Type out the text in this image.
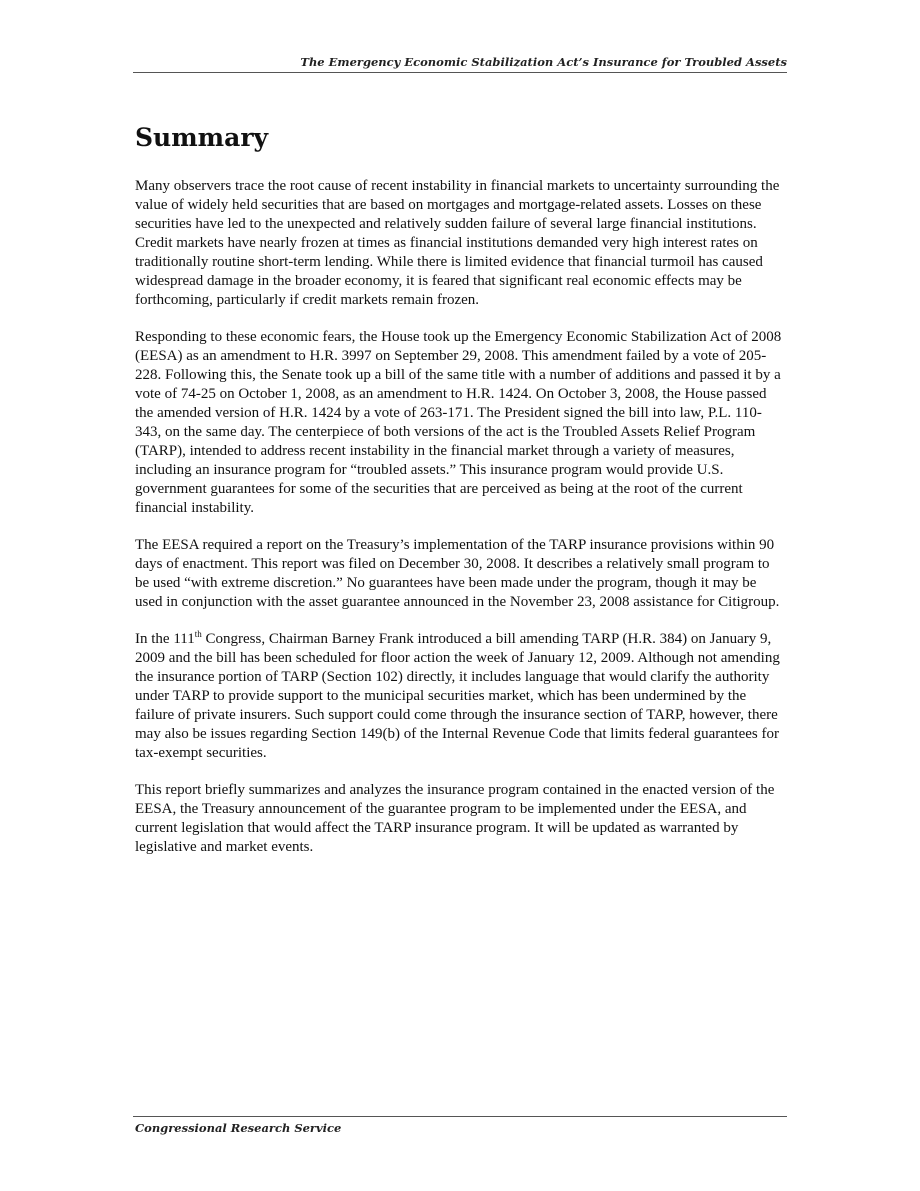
The Emergency Economic Stabilization Act’s Insurance for Troubled Assets
Summary

Many observers trace the root cause of recent instability in financial markets to uncertainty surrounding the value of widely held securities that are based on mortgages and mortgage-related assets. Losses on these securities have led to the unexpected and relatively sudden failure of several large financial institutions. Credit markets have nearly frozen at times as financial institutions demanded very high interest rates on traditionally routine short-term lending. While there is limited evidence that financial turmoil has caused widespread damage in the broader economy, it is feared that significant real economic effects may be forthcoming, particularly if credit markets remain frozen.

Responding to these economic fears, the House took up the Emergency Economic Stabilization Act of 2008 (EESA) as an amendment to H.R. 3997 on September 29, 2008. This amendment failed by a vote of 205-228. Following this, the Senate took up a bill of the same title with a number of additions and passed it by a vote of 74-25 on October 1, 2008, as an amendment to H.R. 1424. On October 3, 2008, the House passed the amended version of H.R. 1424 by a vote of 263-171. The President signed the bill into law, P.L. 110-343, on the same day. The centerpiece of both versions of the act is the Troubled Assets Relief Program (TARP), intended to address recent instability in the financial market through a variety of measures, including an insurance program for “troubled assets.” This insurance program would provide U.S. government guarantees for some of the securities that are perceived as being at the root of the current financial instability.

The EESA required a report on the Treasury’s implementation of the TARP insurance provisions within 90 days of enactment. This report was filed on December 30, 2008. It describes a relatively small program to be used “with extreme discretion.” No guarantees have been made under the program, though it may be used in conjunction with the asset guarantee announced in the November 23, 2008 assistance for Citigroup.

In the 111th Congress, Chairman Barney Frank introduced a bill amending TARP (H.R. 384) on January 9, 2009 and the bill has been scheduled for floor action the week of January 12, 2009. Although not amending the insurance portion of TARP (Section 102) directly, it includes language that would clarify the authority under TARP to provide support to the municipal securities market, which has been undermined by the failure of private insurers. Such support could come through the insurance section of TARP, however, there may also be issues regarding Section 149(b) of the Internal Revenue Code that limits federal guarantees for tax-exempt securities.

This report briefly summarizes and analyzes the insurance program contained in the enacted version of the EESA, the Treasury announcement of the guarantee program to be implemented under the EESA, and current legislation that would affect the TARP insurance program. It will be updated as warranted by legislative and market events.

Congressional Research Service
